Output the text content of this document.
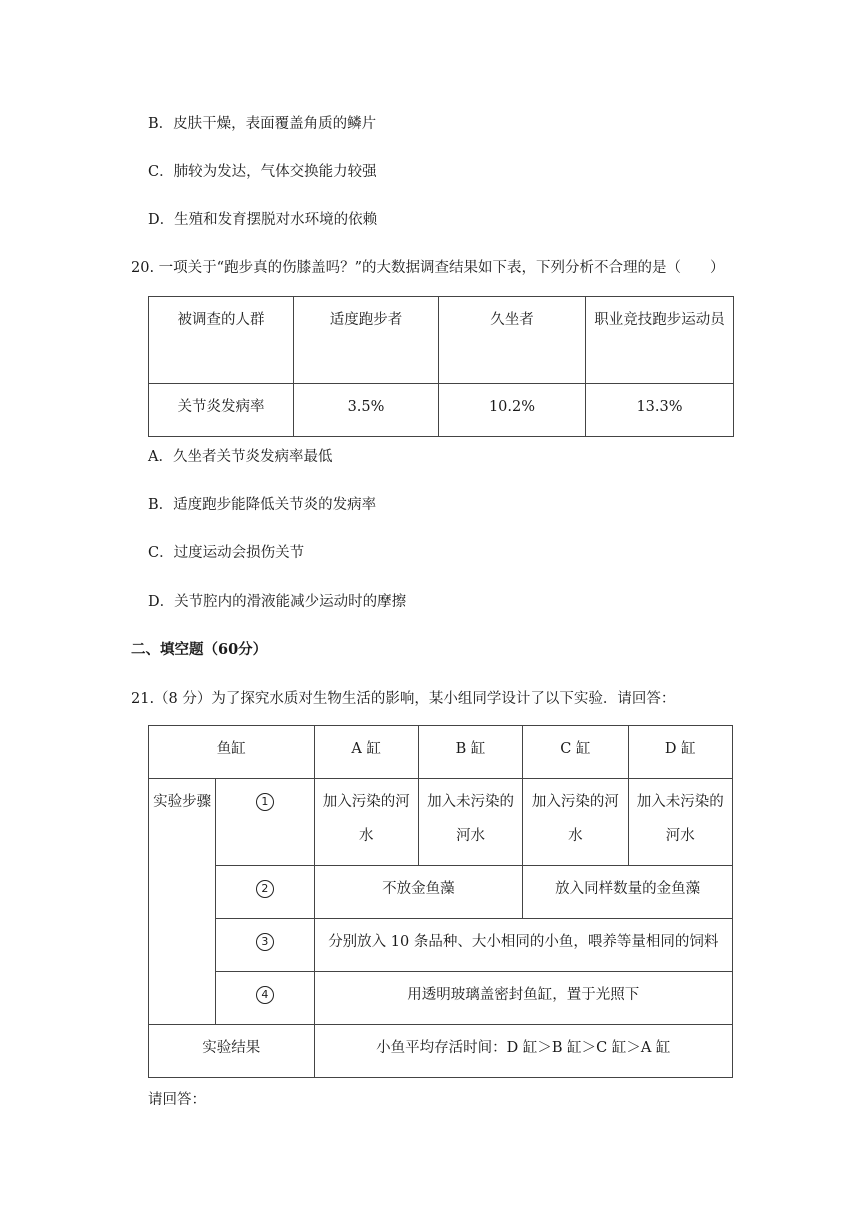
B．皮肤干燥，表面覆盖角质的鳞片
C．肺较为发达，气体交换能力较强
D．生殖和发育摆脱对水环境的依赖
20. 一项关于“跑步真的伤膝盖吗？”的大数据调查结果如下表，下列分析不合理的是（　　）
被调查的人群	适度跑步者	久坐者	职业竞技跑步运动员
关节炎发病率	3.5%	10.2%	13.3%
A．久坐者关节炎发病率最低
B．适度跑步能降低关节炎的发病率
C．过度运动会损伤关节
D．关节腔内的滑液能减少运动时的摩擦
二、填空题（60分）
21.（8 分）为了探究水质对生物生活的影响，某小组同学设计了以下实验．请回答：
鱼缸		A 缸	B 缸	C 缸	D 缸
实验步骤	1	加入污染的河水	加入未污染的河水	加入污染的河水	加入未污染的河水
	2	不放金鱼藻		放入同样数量的金鱼藻	
	3	分别放入 10 条品种、大小相同的小鱼，喂养等量相同的饲料			
	4	用透明玻璃盖密封鱼缸，置于光照下			
实验结果		小鱼平均存活时间：D 缸＞B 缸＞C 缸＞A 缸			
请回答：
